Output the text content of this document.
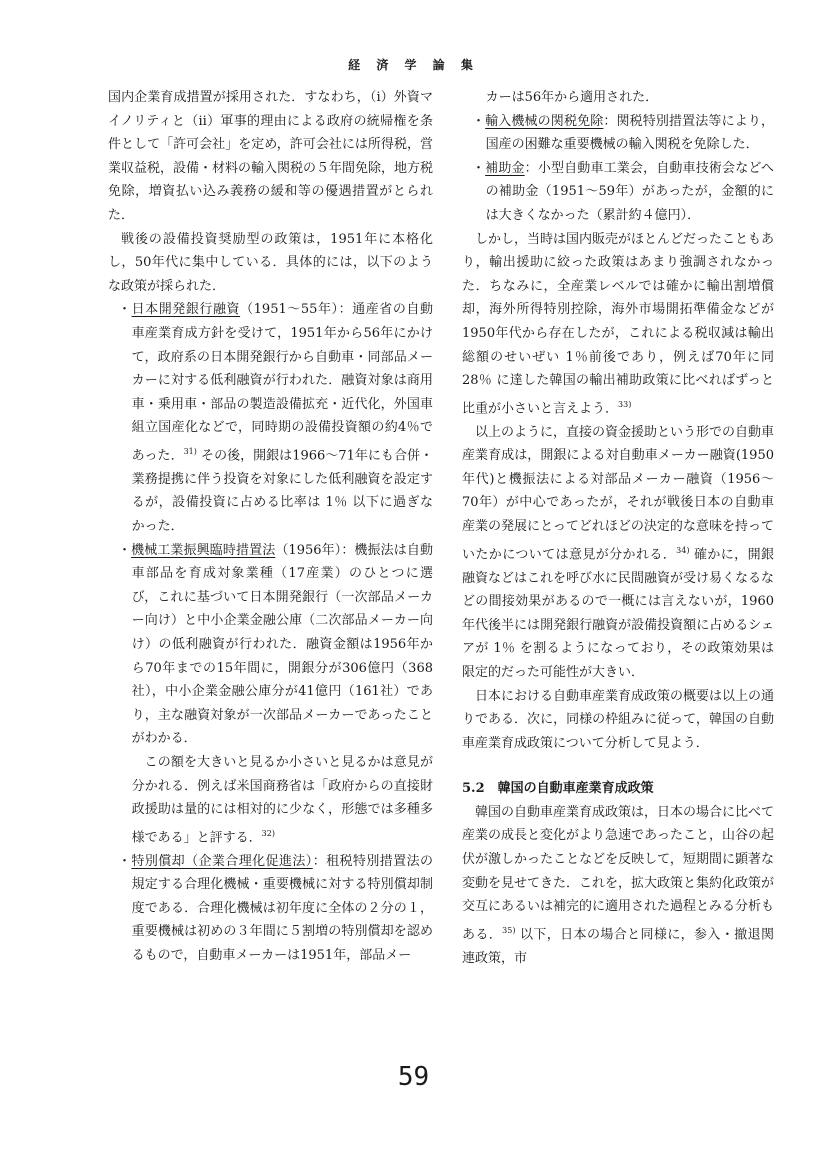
経 済 学 論 集

国内企業育成措置が採用された．すなわち，（ⅰ）外資マイノリティと（ⅱ）軍事的理由による政府の統帰権を条件として「許可会社」を定め，許可会社には所得税，営業収益税，設備・材料の輸入関税の５年間免除，地方税免除，増資払い込み義務の緩和等の優遇措置がとられた．

戦後の設備投資奨励型の政策は，1951年に本格化し，50年代に集中している．具体的には，以下のような政策が採られた．

・日本開発銀行融資（1951～55年）：通産省の自動車産業育成方針を受けて，1951年から56年にかけて，政府系の日本開発銀行から自動車・同部品メーカーに対する低利融資が行われた．融資対象は商用車・乗用車・部品の製造設備拡充・近代化，外国車組立国産化などで，同時期の設備投資額の約4％であった．$^{31)}$ その後，開銀は1966～71年にも合併・業務提携に伴う投資を対象にした低利融資を設定するが，設備投資に占める比率は 1％ 以下に過ぎなかった．

・機械工業振興臨時措置法（1956年）：機振法は自動車部品を育成対象業種（17産業）のひとつに選び，これに基づいて日本開発銀行（一次部品メーカー向け）と中小企業金融公庫（二次部品メーカー向け）の低利融資が行われた．融資金額は1956年から70年までの15年間に，開銀分が306億円（368社），中小企業金融公庫分が41億円（161社）であり，主な融資対象が一次部品メーカーであったことがわかる．

この額を大きいと見るか小さいと見るかは意見が分かれる．例えば米国商務省は「政府からの直接財政援助は量的には相対的に少なく，形態では多種多様である」と評する．$^{32)}$

・特別償却（企業合理化促進法）：租税特別措置法の規定する合理化機械・重要機械に対する特別償却制度である．合理化機械は初年度に全体の２分の１，重要機械は初めの３年間に５割増の特別償却を認めるもので，自動車メーカーは1951年，部品メー

カーは56年から適用された．

・輸入機械の関税免除：関税特別措置法等により，国産の困難な重要機械の輸入関税を免除した．

・補助金：小型自動車工業会，自動車技術会などへの補助金（1951～59年）があったが，金額的には大きくなかった（累計約４億円）．

しかし，当時は国内販売がほとんどだったこともあり，輸出援助に絞った政策はあまり強調されなかった．ちなみに，全産業レベルでは確かに輸出割増償却，海外所得特別控除，海外市場開拓準備金などが1950年代から存在したが，これによる税収減は輸出総額のせいぜい 1％前後であり，例えば70年に同 28％ に達した韓国の輸出補助政策に比べればずっと比重が小さいと言えよう．$^{33)}$

以上のように，直接の資金援助という形での自動車産業育成は，開銀による対自動車メーカー融資(1950年代)と機振法による対部品メーカー融資（1956～70年）が中心であったが，それが戦後日本の自動車産業の発展にとってどれほどの決定的な意味を持っていたかについては意見が分かれる．$^{34)}$ 確かに，開銀融資などはこれを呼び水に民間融資が受け易くなるなどの間接効果があるので一概には言えないが，1960年代後半には開発銀行融資が設備投資額に占めるシェアが 1％ を割るようになっており，その政策効果は限定的だった可能性が大きい．

日本における自動車産業育成政策の概要は以上の通りである．次に，同様の枠組みに従って，韓国の自動車産業育成政策について分析して見よう．

5.2　韓国の自動車産業育成政策

韓国の自動車産業育成政策は，日本の場合に比べて産業の成長と変化がより急速であったこと，山谷の起伏が激しかったことなどを反映して，短期間に顕著な変動を見せてきた．これを，拡大政策と集約化政策が交互にあるいは補完的に適用された過程とみる分析もある．$^{35)}$ 以下，日本の場合と同様に，参入・撤退関連政策，市

59
